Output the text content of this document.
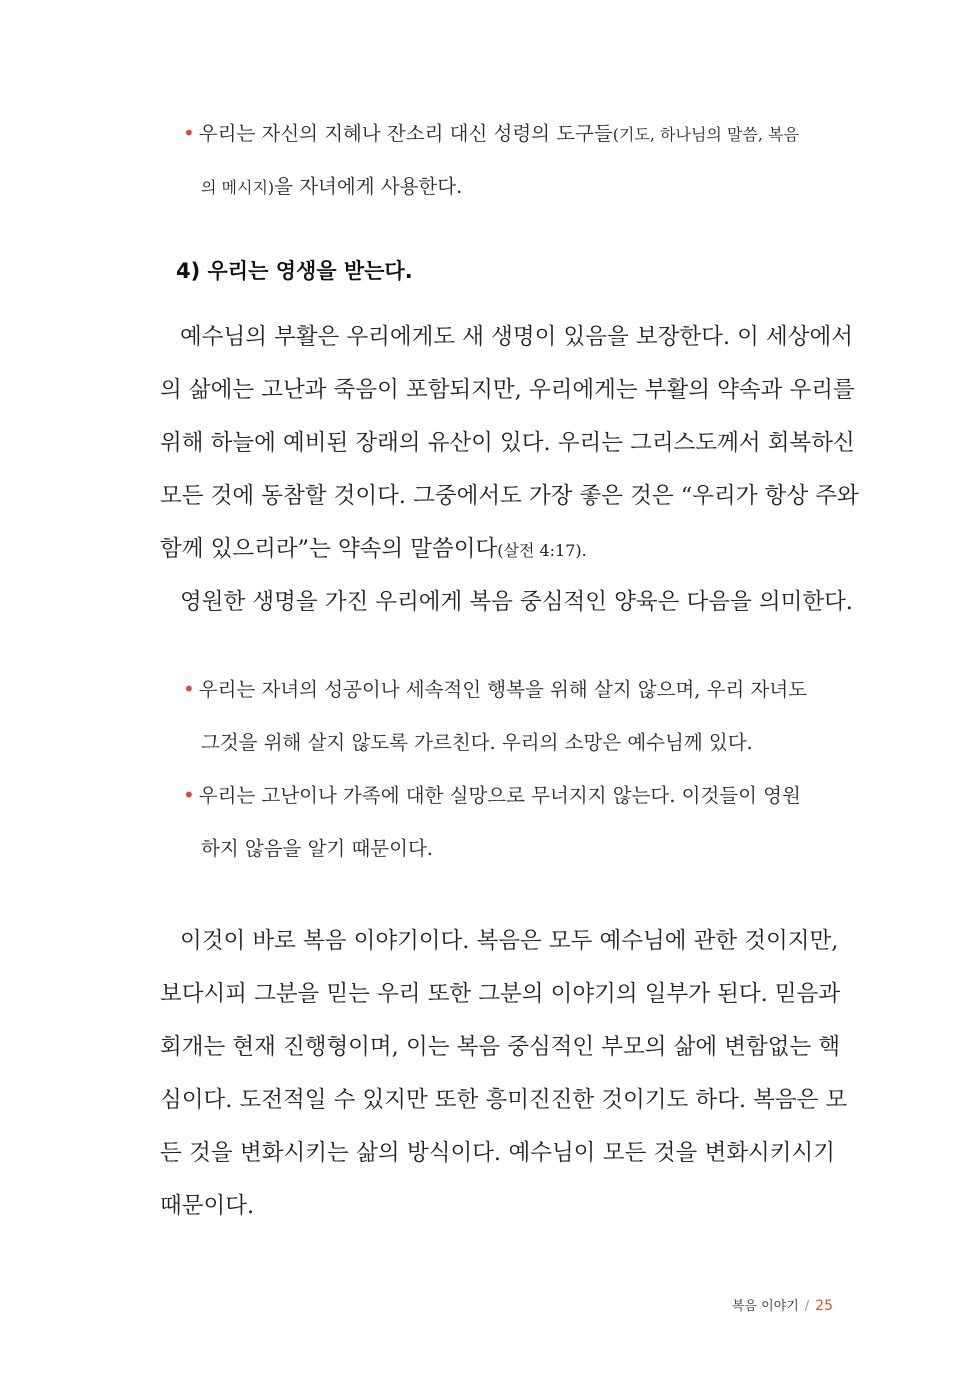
• 우리는 자신의 지혜나 잔소리 대신 성령의 도구들(기도, 하나님의 말씀, 복음
의 메시지)을 자녀에게 사용한다.
4) 우리는 영생을 받는다.
예수님의 부활은 우리에게도 새 생명이 있음을 보장한다. 이 세상에서
의 삶에는 고난과 죽음이 포함되지만, 우리에게는 부활의 약속과 우리를
위해 하늘에 예비된 장래의 유산이 있다. 우리는 그리스도께서 회복하신
모든 것에 동참할 것이다. 그중에서도 가장 좋은 것은 “우리가 항상 주와
함께 있으리라”는 약속의 말씀이다(살전 4:17).
영원한 생명을 가진 우리에게 복음 중심적인 양육은 다음을 의미한다.
• 우리는 자녀의 성공이나 세속적인 행복을 위해 살지 않으며, 우리 자녀도
그것을 위해 살지 않도록 가르친다. 우리의 소망은 예수님께 있다.
• 우리는 고난이나 가족에 대한 실망으로 무너지지 않는다. 이것들이 영원
하지 않음을 알기 때문이다.
이것이 바로 복음 이야기이다. 복음은 모두 예수님에 관한 것이지만,
보다시피 그분을 믿는 우리 또한 그분의 이야기의 일부가 된다. 믿음과
회개는 현재 진행형이며, 이는 복음 중심적인 부모의 삶에 변함없는 핵
심이다. 도전적일 수 있지만 또한 흥미진진한 것이기도 하다. 복음은 모
든 것을 변화시키는 삶의 방식이다. 예수님이 모든 것을 변화시키시기
때문이다.
복음 이야기 / 25
